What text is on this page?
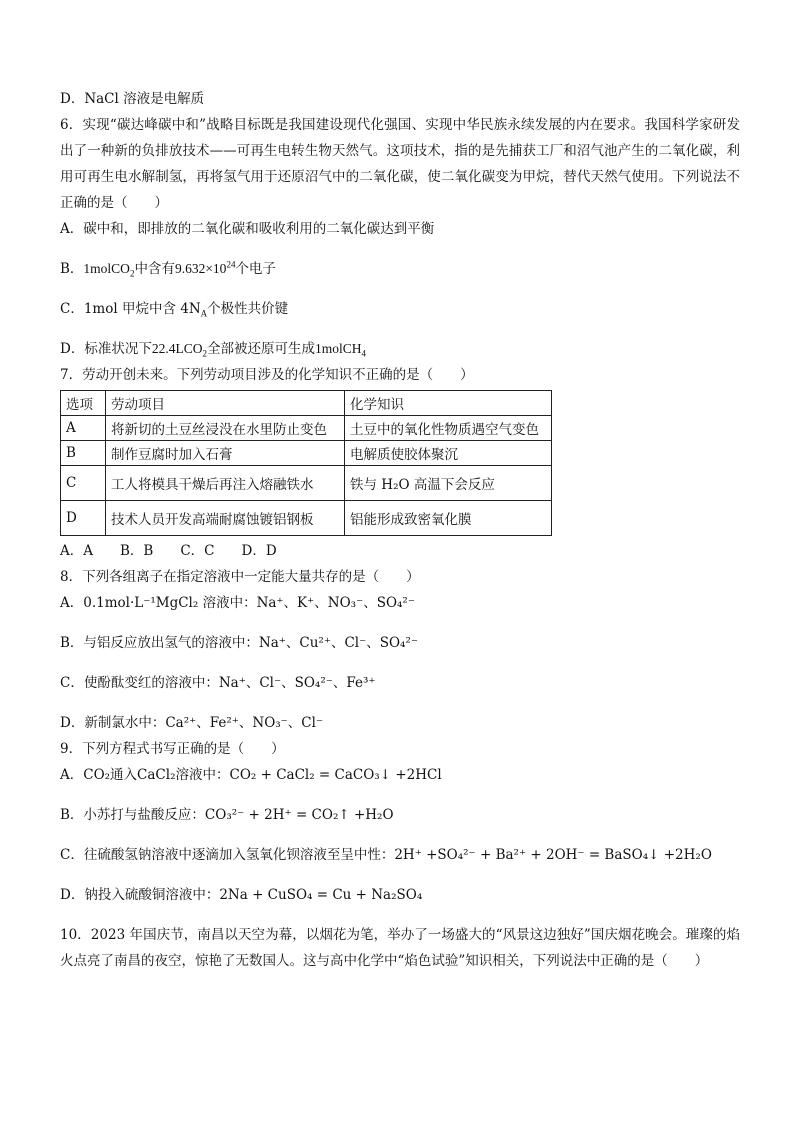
D．NaCl 溶液是电解质
6．实现“碳达峰碳中和”战略目标既是我国建设现代化强国、实现中华民族永续发展的内在要求。我国科学家研发出了一种新的负排放技术——可再生电转生物天然气。这项技术，指的是先捕获工厂和沼气池产生的二氧化碳，利用可再生电水解制氢，再将氢气用于还原沼气中的二氧化碳，使二氧化碳变为甲烷，替代天然气使用。下列说法不正确的是（　　）
A．碳中和，即排放的二氧化碳和吸收利用的二氧化碳达到平衡
B．1molCO$_2$中含有$9.632\times 10^{24}$个电子
C．1mol 甲烷中含 $4N_A$个极性共价键
D．标准状况下$22.4LCO_2$全部被还原可生成1molCH$_4$
7．劳动开创未来。下列劳动项目涉及的化学知识不正确的是（　　）
选项	劳动项目	化学知识
A	将新切的土豆丝浸没在水里防止变色	土豆中的氧化性物质遇空气变色
B	制作豆腐时加入石膏	电解质使胶体聚沉
C	工人将模具干燥后再注入熔融铁水	铁与 H₂O 高温下会反应
D	技术人员开发高端耐腐蚀镀铝钢板	铝能形成致密氧化膜
A．A　　B．B　　C．C　　D．D
8．下列各组离子在指定溶液中一定能大量共存的是（　　）
A．0.1mol·L⁻¹MgCl₂ 溶液中：Na⁺、K⁺、NO₃⁻、SO₄²⁻
B．与铝反应放出氢气的溶液中：Na⁺、Cu²⁺、Cl⁻、SO₄²⁻
C．使酚酞变红的溶液中：Na⁺、Cl⁻、SO₄²⁻、Fe³⁺
D．新制氯水中：Ca²⁺、Fe²⁺、NO₃⁻、Cl⁻
9．下列方程式书写正确的是（　　）
A．CO₂通入CaCl₂溶液中：CO₂ + CaCl₂ = CaCO₃↓ +2HCl
B．小苏打与盐酸反应：CO₃²⁻ + 2H⁺ = CO₂↑ +H₂O
C．往硫酸氢钠溶液中逐滴加入氢氧化钡溶液至呈中性：2H⁺ +SO₄²⁻ + Ba²⁺ + 2OH⁻ = BaSO₄↓ +2H₂O
D．钠投入硫酸铜溶液中：2Na + CuSO₄ = Cu + Na₂SO₄
10．2023 年国庆节，南昌以天空为幕，以烟花为笔，举办了一场盛大的“风景这边独好”国庆烟花晚会。璀璨的焰火点亮了南昌的夜空，惊艳了无数国人。这与高中化学中“焰色试验”知识相关，下列说法中正确的是（　　）
